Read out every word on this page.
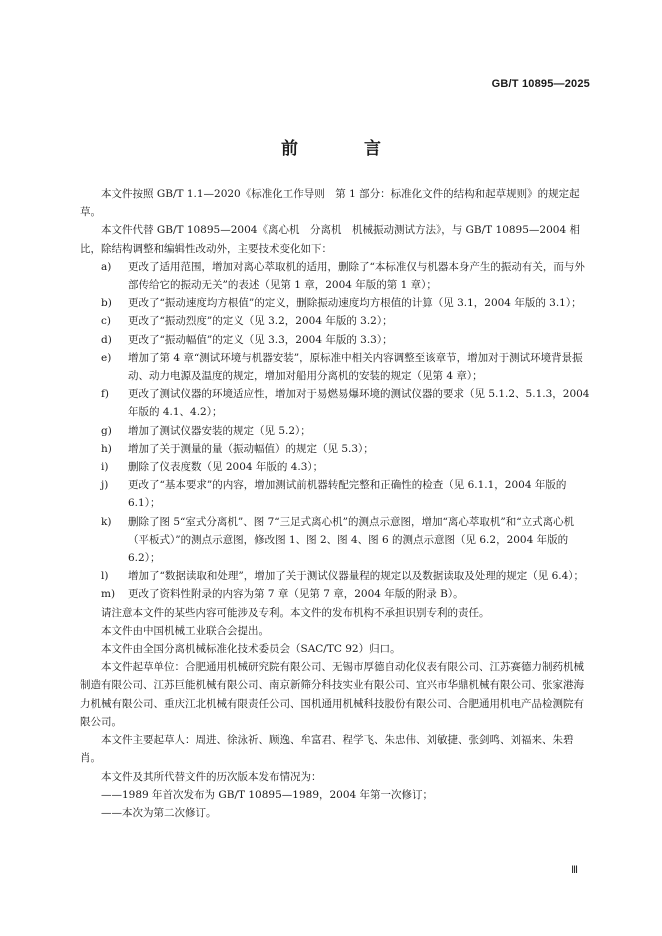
GB/T 10895—2025
前 言

本文件按照 GB/T 1.1—2020《标准化工作导则　第 1 部分：标准化文件的结构和起草规则》的规定起草。

本文件代替 GB/T 10895—2004《离心机　分离机　机械振动测试方法》，与 GB/T 10895—2004 相比，除结构调整和编辑性改动外，主要技术变化如下：

a) 更改了适用范围，增加对离心萃取机的适用，删除了“本标准仅与机器本身产生的振动有关，而与外部传给它的振动无关”的表述（见第 1 章，2004 年版的第 1 章）；
b) 更改了“振动速度均方根值”的定义，删除振动速度均方根值的计算（见 3.1，2004 年版的 3.1）；
c) 更改了“振动烈度”的定义（见 3.2，2004 年版的 3.2）；
d) 更改了“振动幅值”的定义（见 3.3，2004 年版的 3.3）；
e) 增加了第 4 章“测试环境与机器安装”，原标准中相关内容调整至该章节，增加对于测试环境背景振动、动力电源及温度的规定，增加对船用分离机的安装的规定（见第 4 章）；
f) 更改了测试仪器的环境适应性，增加对于易燃易爆环境的测试仪器的要求（见 5.1.2、5.1.3，2004 年版的 4.1、4.2）；
g) 增加了测试仪器安装的规定（见 5.2）；
h) 增加了关于测量的量（振动幅值）的规定（见 5.3）；
i) 删除了仪表度数（见 2004 年版的 4.3）；
j) 更改了“基本要求”的内容，增加测试前机器转配完整和正确性的检查（见 6.1.1，2004 年版的 6.1）；
k) 删除了图 5“室式分离机”、图 7“三足式离心机”的测点示意图，增加“离心萃取机”和“立式离心机（平板式）”的测点示意图，修改图 1、图 2、图 4、图 6 的测点示意图（见 6.2，2004 年版的 6.2）；
l) 增加了“数据读取和处理”，增加了关于测试仪器量程的规定以及数据读取及处理的规定（见 6.4）；
m) 更改了资料性附录的内容为第 7 章（见第 7 章，2004 年版的附录 B）。

请注意本文件的某些内容可能涉及专利。本文件的发布机构不承担识别专利的责任。

本文件由中国机械工业联合会提出。

本文件由全国分离机械标准化技术委员会（SAC/TC 92）归口。

本文件起草单位：合肥通用机械研究院有限公司、无锡市厚德自动化仪表有限公司、江苏赛德力制药机械制造有限公司、江苏巨能机械有限公司、南京新筛分科技实业有限公司、宜兴市华鼎机械有限公司、张家港海力机械有限公司、重庆江北机械有限责任公司、国机通用机械科技股份有限公司、合肥通用机电产品检测院有限公司。

本文件主要起草人：周进、徐泳祈、顾逸、牟富君、程学飞、朱忠伟、刘敏捷、张剑鸣、刘福来、朱碧肖。

本文件及其所代替文件的历次版本发布情况为：

——1989 年首次发布为 GB/T 10895—1989，2004 年第一次修订；

——本次为第二次修订。

Ⅲ
